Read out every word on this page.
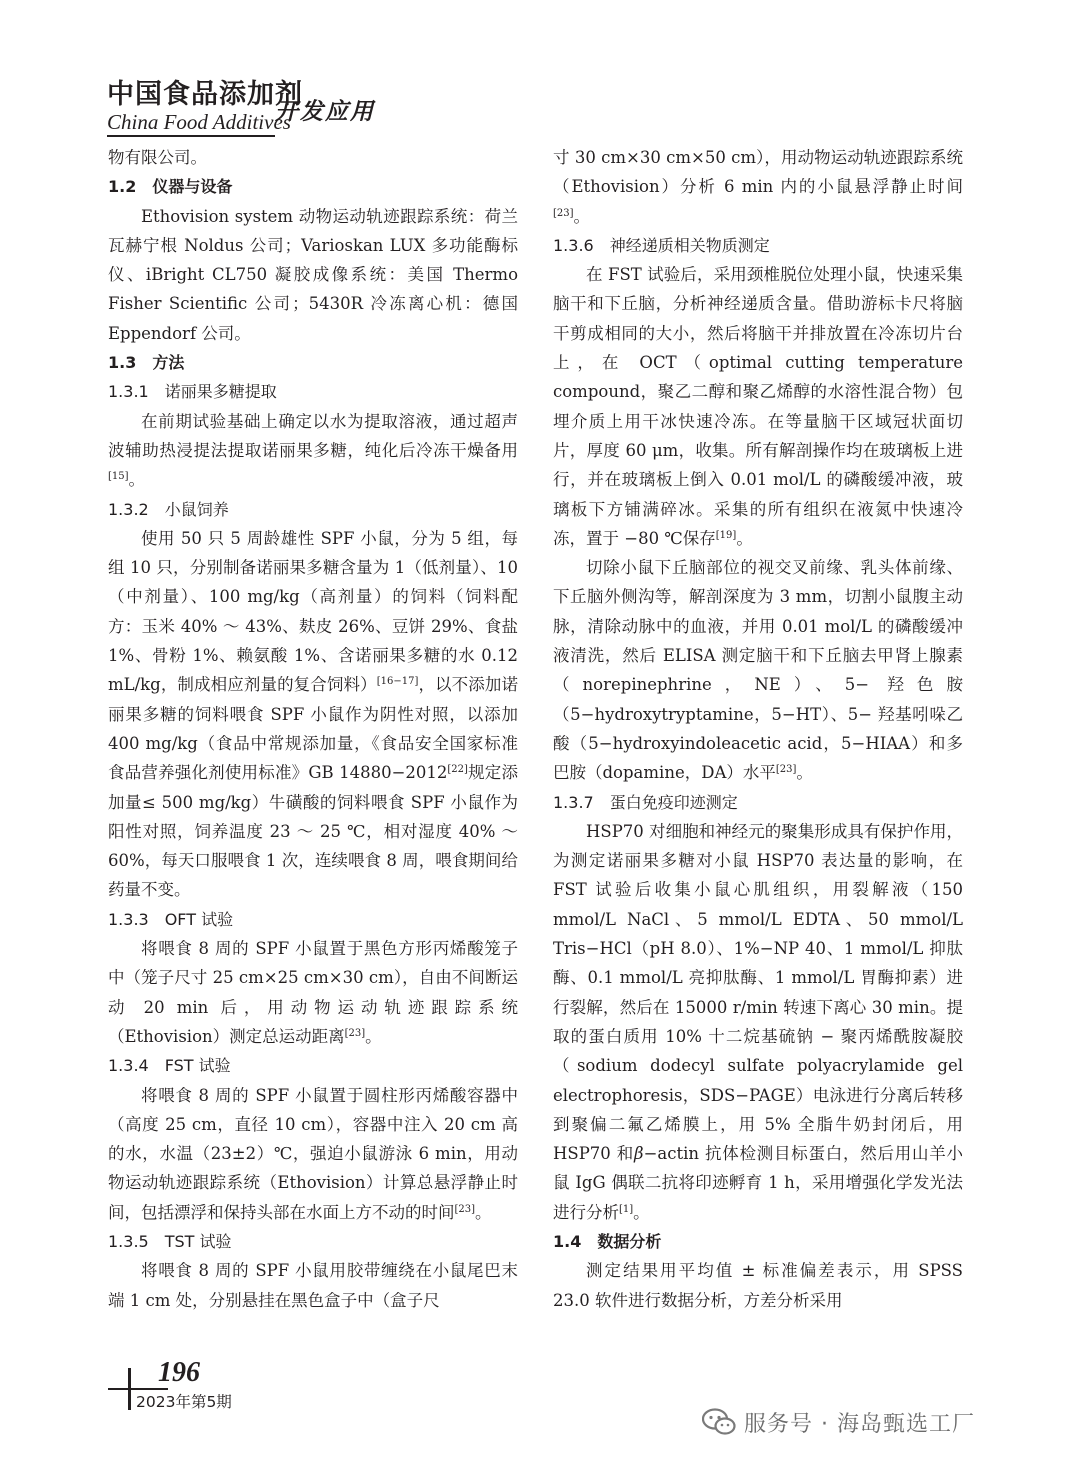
中国食品添加剂
China Food Additives
开发应用

物有限公司。

1.2　仪器与设备

Ethovision system 动物运动轨迹跟踪系统：荷兰瓦赫宁根 Noldus 公司；Varioskan LUX 多功能酶标仪、iBright CL750 凝胶成像系统：美国 Thermo Fisher Scientific 公司；5430R 冷冻离心机：德国 Eppendorf 公司。

1.3　方法

1.3.1　诺丽果多糖提取

在前期试验基础上确定以水为提取溶液，通过超声波辅助热浸提法提取诺丽果多糖，纯化后冷冻干燥备用[15]。

1.3.2　小鼠饲养

使用 50 只 5 周龄雄性 SPF 小鼠，分为 5 组，每组 10 只，分别制备诺丽果多糖含量为 1（低剂量）、10（中剂量）、100 mg/kg（高剂量）的饲料（饲料配方：玉米 40% ～ 43%、麸皮 26%、豆饼 29%、食盐 1%、骨粉 1%、赖氨酸 1%、含诺丽果多糖的水 0.12 mL/kg，制成相应剂量的复合饲料）[16−17]，以不添加诺丽果多糖的饲料喂食 SPF 小鼠作为阴性对照，以添加 400 mg/kg（食品中常规添加量，《食品安全国家标准　食品营养强化剂使用标准》GB 14880−2012[22]规定添加量≤ 500 mg/kg）牛磺酸的饲料喂食 SPF 小鼠作为阳性对照，饲养温度 23 ～ 25 ℃，相对湿度 40% ～ 60%，每天口服喂食 1 次，连续喂食 8 周，喂食期间给药量不变。

1.3.3　OFT 试验

将喂食 8 周的 SPF 小鼠置于黑色方形丙烯酸笼子中（笼子尺寸 25 cm×25 cm×30 cm），自由不间断运动 20 min 后，用动物运动轨迹跟踪系统（Ethovision）测定总运动距离[23]。

1.3.4　FST 试验

将喂食 8 周的 SPF 小鼠置于圆柱形丙烯酸容器中（高度 25 cm，直径 10 cm），容器中注入 20 cm 高的水，水温（23±2）℃，强迫小鼠游泳 6 min，用动物运动轨迹跟踪系统（Ethovision）计算总悬浮静止时间，包括漂浮和保持头部在水面上方不动的时间[23]。

1.3.5　TST 试验

将喂食 8 周的 SPF 小鼠用胶带缠绕在小鼠尾巴末端 1 cm 处，分别悬挂在黑色盒子中（盒子尺

寸 30 cm×30 cm×50 cm），用动物运动轨迹跟踪系统（Ethovision）分析 6 min 内的小鼠悬浮静止时间[23]。

1.3.6　神经递质相关物质测定

在 FST 试验后，采用颈椎脱位处理小鼠，快速采集脑干和下丘脑，分析神经递质含量。借助游标卡尺将脑干剪成相同的大小，然后将脑干并排放置在冷冻切片台上，在 OCT（optimal cutting temperature compound，聚乙二醇和聚乙烯醇的水溶性混合物）包埋介质上用干冰快速冷冻。在等量脑干区域冠状面切片，厚度 60 μm，收集。所有解剖操作均在玻璃板上进行，并在玻璃板上倒入 0.01 mol/L 的磷酸缓冲液，玻璃板下方铺满碎冰。采集的所有组织在液氮中快速冷冻，置于 −80 ℃保存[19]。

切除小鼠下丘脑部位的视交叉前缘、乳头体前缘、下丘脑外侧沟等，解剖深度为 3 mm，切割小鼠腹主动脉，清除动脉中的血液，并用 0.01 mol/L 的磷酸缓冲液清洗，然后 ELISA 测定脑干和下丘脑去甲肾上腺素（norepinephrine，NE）、5− 羟色胺（5−hydroxytryptamine，5−HT）、5− 羟基吲哚乙酸（5−hydroxyindoleacetic acid，5−HIAA）和多巴胺（dopamine，DA）水平[23]。

1.3.7　蛋白免疫印迹测定

HSP70 对细胞和神经元的聚集形成具有保护作用，为测定诺丽果多糖对小鼠 HSP70 表达量的影响，在 FST 试验后收集小鼠心肌组织，用裂解液（150 mmol/L NaCl、5 mmol/L EDTA、50 mmol/L Tris−HCl（pH 8.0）、1%−NP 40、1 mmol/L 抑肽酶、0.1 mmol/L 亮抑肽酶、1 mmol/L 胃酶抑素）进行裂解，然后在 15000 r/min 转速下离心 30 min。提取的蛋白质用 10% 十二烷基硫钠 − 聚丙烯酰胺凝胶（sodium dodecyl sulfate polyacrylamide gel electrophoresis，SDS−PAGE）电泳进行分离后转移到聚偏二氟乙烯膜上，用 5% 全脂牛奶封闭后，用 HSP70 和β−actin 抗体检测目标蛋白，然后用山羊小鼠 IgG 偶联二抗将印迹孵育 1 h，采用增强化学发光法进行分析[1]。

1.4　数据分析

测定结果用平均值 ± 标准偏差表示，用 SPSS 23.0 软件进行数据分析，方差分析采用

196
2023年第5期
服务号 · 海岛甄选工厂
